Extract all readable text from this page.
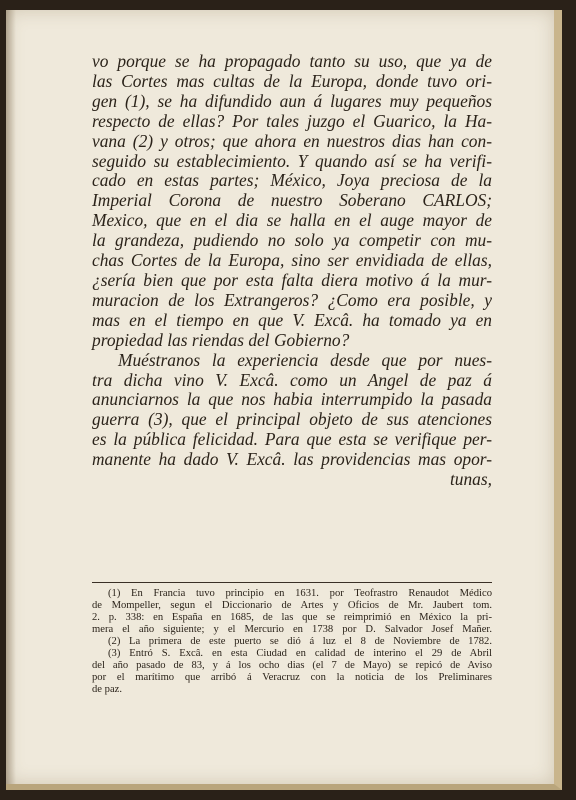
vo porque se ha propagado tanto su uso, que ya de
las Cortes mas cultas de la Europa, donde tuvo ori-
gen (1), se ha difundido aun á lugares muy pequeños
respecto de ellas? Por tales juzgo el Guarico, la Ha-
vana (2) y otros; que ahora en nuestros dias han con-
seguido su establecimiento. Y quando así se ha verifi-
cado en estas partes; México, Joya preciosa de la
Imperial Corona de nuestro Soberano CARLOS;
Mexico, que en el dia se halla en el auge mayor de
la grandeza, pudiendo no solo ya competir con mu-
chas Cortes de la Europa, sino ser envidiada de ellas,
¿sería bien que por esta falta diera motivo á la mur-
muracion de los Extrangeros? ¿Como era posible, y
mas en el tiempo en que V. Excâ. ha tomado ya en
propiedad las riendas del Gobierno?
Muéstranos la experiencia desde que por nues-
tra dicha vino V. Excâ. como un Angel de paz á
anunciarnos la que nos habia interrumpido la pasada
guerra (3), que el principal objeto de sus atenciones
es la pública felicidad. Para que esta se verifique per-
manente ha dado V. Excâ. las providencias mas opor-
tunas,
(1) En Francia tuvo principio en 1631. por Teofrastro Renaudot Médico
de Mompeller, segun el Diccionario de Artes y Oficios de Mr. Jaubert tom.
2. p. 338: en España en 1685, de las que se reimprimió en México la pri-
mera el año siguiente; y el Mercurio en 1738 por D. Salvador Josef Mañer.
(2) La primera de este puerto se dió á luz el 8 de Noviembre de 1782.
(3) Entró S. Excâ. en esta Ciudad en calidad de interino el 29 de Abril
del año pasado de 83, y á los ocho dias (el 7 de Mayo) se repicó de Aviso
por el marítimo que arribó á Veracruz con la noticia de los Preliminares
de paz.
